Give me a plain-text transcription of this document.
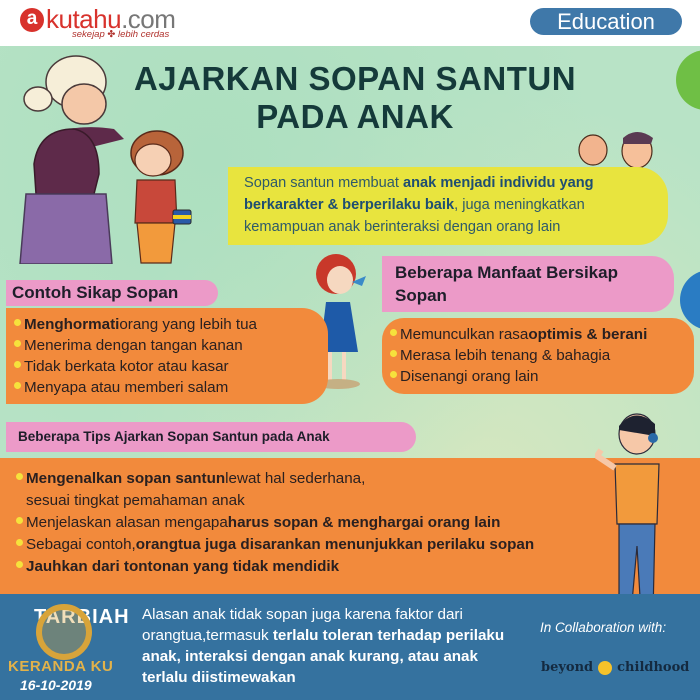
a kutahu.com
sekejap ✤ lebih cerdas
Education
AJARKAN SOPAN SANTUN
PADA ANAK
Sopan santun membuat anak menjadi individu yang berkarakter & berperilaku baik, juga meningkatkan kemampuan anak berinteraksi dengan orang lain
Contoh Sikap Sopan
Menghormati orang yang lebih tua
Menerima dengan tangan kanan
Tidak berkata kotor atau kasar
Menyapa atau memberi salam
Beberapa Manfaat Bersikap
Sopan
Memunculkan rasa optimis & berani
Merasa lebih tenang & bahagia
Disenangi orang lain
Beberapa Tips Ajarkan Sopan Santun pada Anak
Mengenalkan sopan santun lewat hal sederhana,
sesuai tingkat pemahaman anak
Menjelaskan alasan mengapa harus sopan & menghargai orang lain
Sebagai contoh, orangtua juga disarankan menunjukkan perilaku sopan
Jauhkan dari tontonan yang tidak mendidik
TARBIAH
KERANDA KU
16-10-2019
Alasan anak tidak sopan juga karena faktor dari orangtua,termasuk terlalu toleran terhadap perilaku anak, interaksi dengan anak kurang, atau anak terlalu diistimewakan
In Collaboration with:
beyond childhood
